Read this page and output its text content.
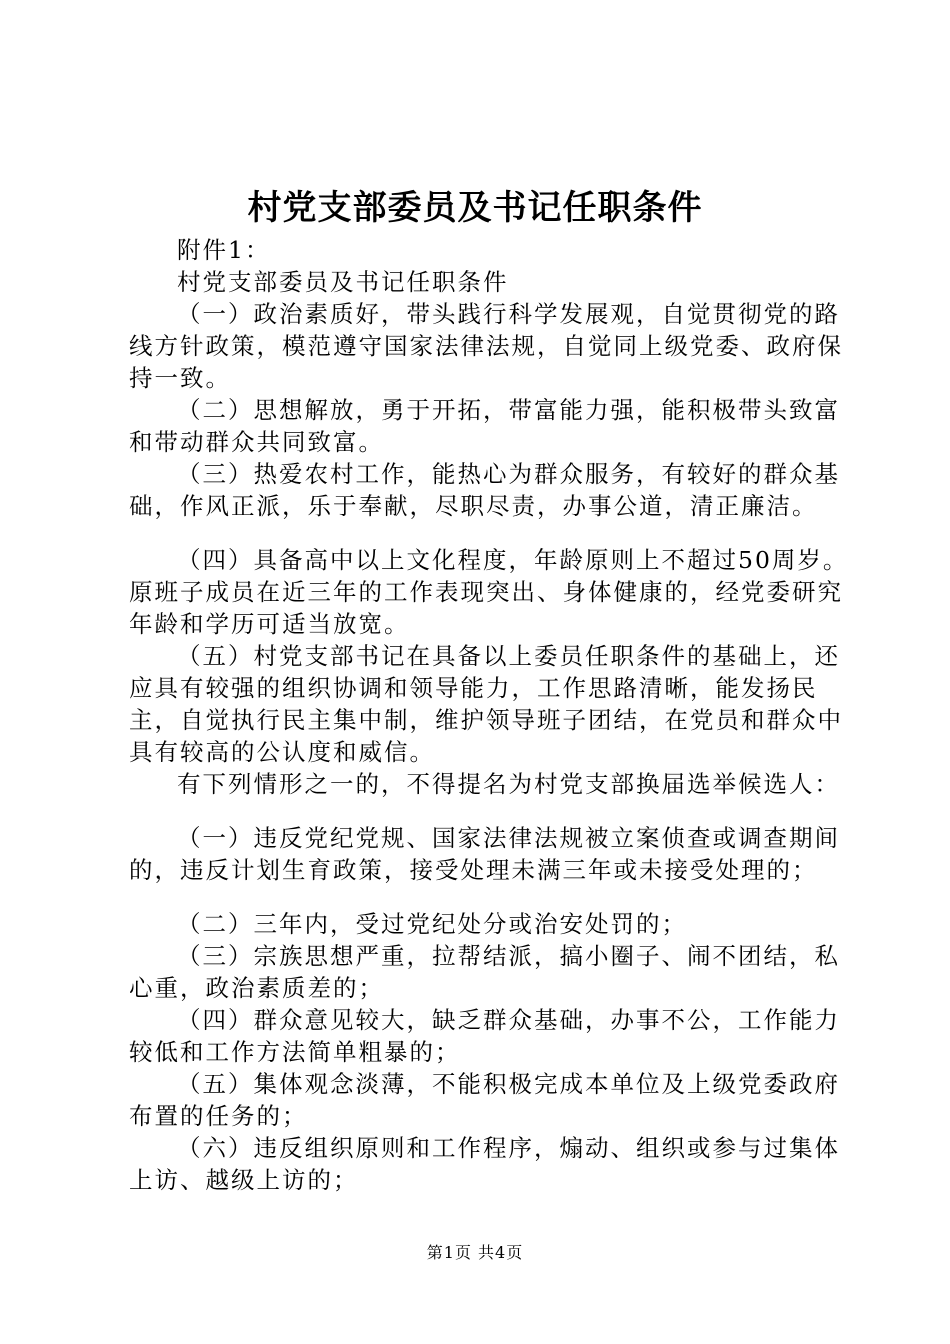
村党支部委员及书记任职条件

附件1：

村党支部委员及书记任职条件

（一）政治素质好，带头践行科学发展观，自觉贯彻党的路线方针政策，模范遵守国家法律法规，自觉同上级党委、政府保持一致。

（二）思想解放，勇于开拓，带富能力强，能积极带头致富和带动群众共同致富。

（三）热爱农村工作，能热心为群众服务，有较好的群众基础，作风正派，乐于奉献，尽职尽责，办事公道，清正廉洁。

（四）具备高中以上文化程度，年龄原则上不超过50周岁。原班子成员在近三年的工作表现突出、身体健康的，经党委研究年龄和学历可适当放宽。

（五）村党支部书记在具备以上委员任职条件的基础上，还应具有较强的组织协调和领导能力，工作思路清晰，能发扬民主，自觉执行民主集中制，维护领导班子团结，在党员和群众中具有较高的公认度和威信。

有下列情形之一的，不得提名为村党支部换届选举候选人：

（一）违反党纪党规、国家法律法规被立案侦查或调查期间的，违反计划生育政策，接受处理未满三年或未接受处理的；

（二）三年内，受过党纪处分或治安处罚的；

（三）宗族思想严重，拉帮结派，搞小圈子、闹不团结，私心重，政治素质差的；

（四）群众意见较大，缺乏群众基础，办事不公，工作能力较低和工作方法简单粗暴的；

（五）集体观念淡薄，不能积极完成本单位及上级党委政府布置的任务的；

（六）违反组织原则和工作程序，煽动、组织或参与过集体上访、越级上访的；

第1页 共4页
